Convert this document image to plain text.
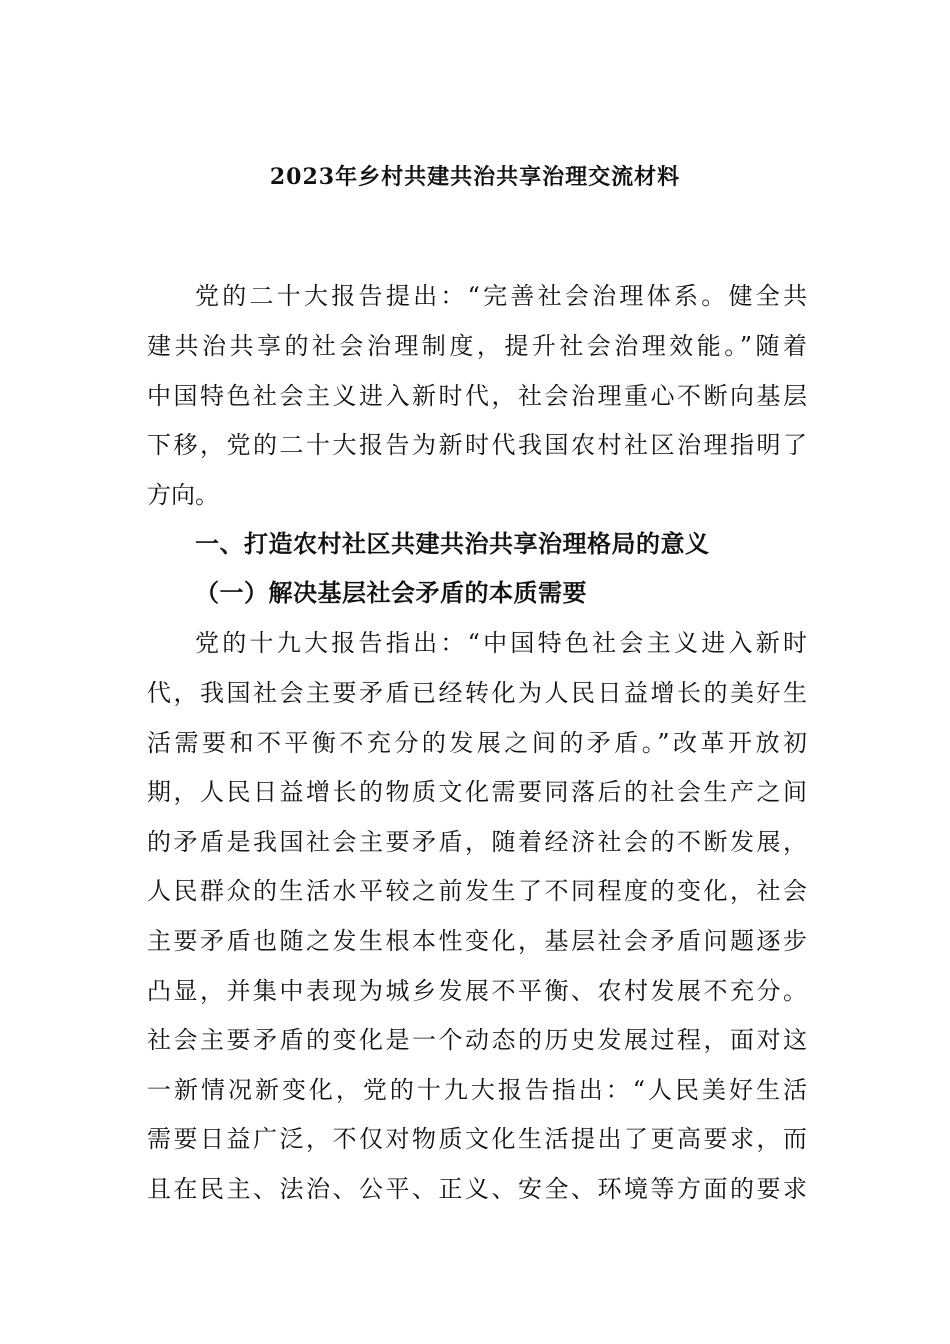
2023年乡村共建共治共享治理交流材料
党的二十大报告提出：“完善社会治理体系。健全共
建共治共享的社会治理制度，提升社会治理效能。”随着
中国特色社会主义进入新时代，社会治理重心不断向基层
下移，党的二十大报告为新时代我国农村社区治理指明了
方向。
一、打造农村社区共建共治共享治理格局的意义
（一）解决基层社会矛盾的本质需要
党的十九大报告指出：“中国特色社会主义进入新时
代，我国社会主要矛盾已经转化为人民日益增长的美好生
活需要和不平衡不充分的发展之间的矛盾。”改革开放初
期，人民日益增长的物质文化需要同落后的社会生产之间
的矛盾是我国社会主要矛盾，随着经济社会的不断发展，
人民群众的生活水平较之前发生了不同程度的变化，社会
主要矛盾也随之发生根本性变化，基层社会矛盾问题逐步
凸显，并集中表现为城乡发展不平衡、农村发展不充分。
社会主要矛盾的变化是一个动态的历史发展过程，面对这
一新情况新变化，党的十九大报告指出：“人民美好生活
需要日益广泛，不仅对物质文化生活提出了更高要求，而
且在民主、法治、公平、正义、安全、环境等方面的要求
